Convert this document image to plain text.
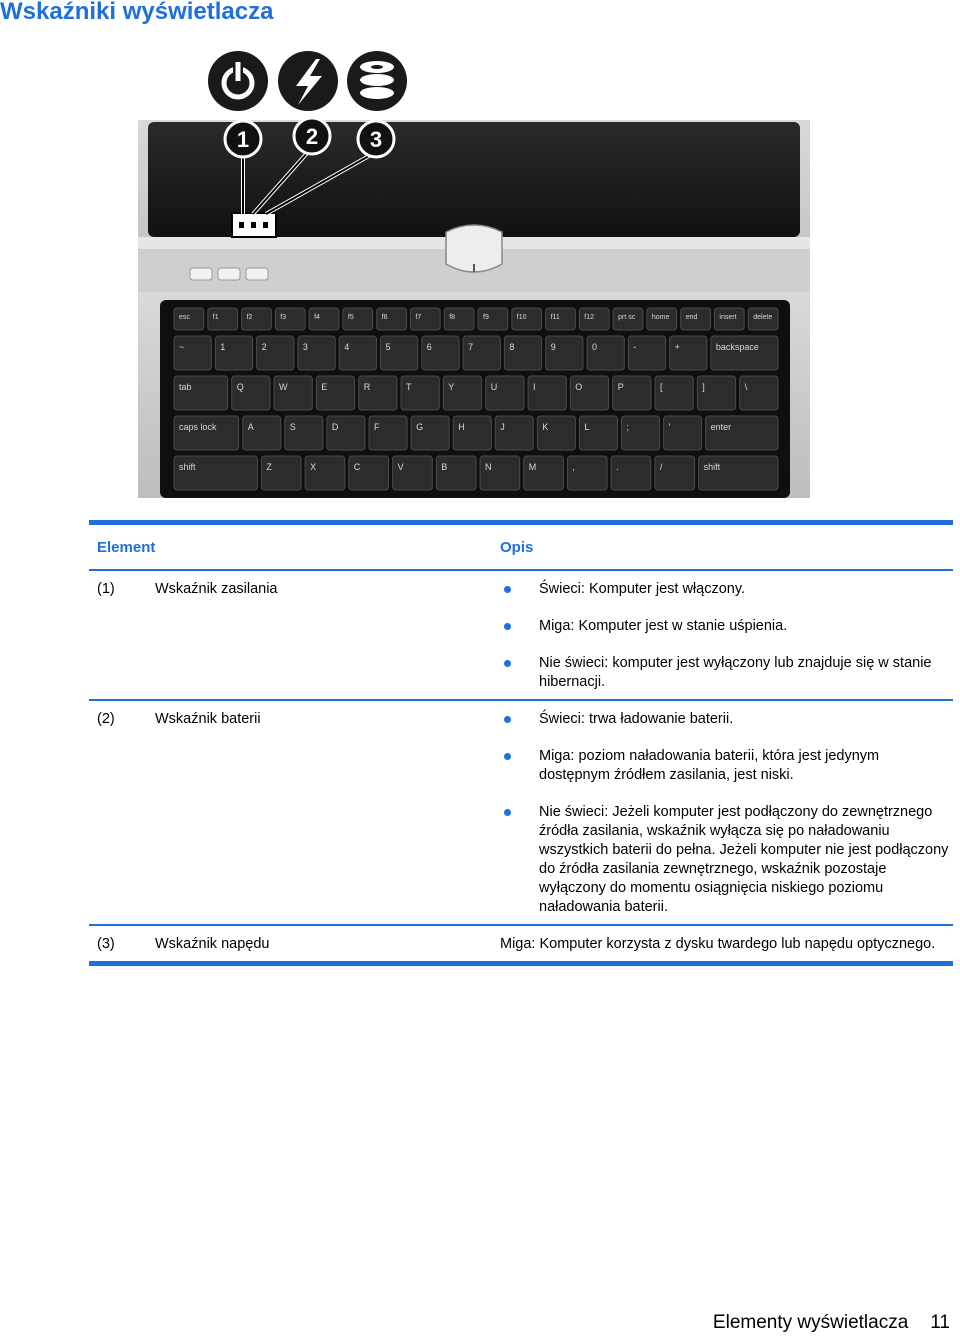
Wskaźniki wyświetlacza
1	2 3
esc	f1	f2	f3	f4	f5	f6	f7	f8	f9	f10	f11	f12	prt sc home end	insert delete
~	1	2	3	4	5	6	7	8	9	0	-	+	backspace
tab	Q	W	E	R	T	Y	U	I	O	P	[	]	\
caps lock	A	S	D	F	G	H	J	K	L	;	'	enter
shift	Z	X	C	V	B	N	M	,	.	/	shift
Element	Opis
(1)	Wskaźnik zasilania	Świeci: Komputer jest włączony.
Miga: Komputer jest w stanie uśpienia.
Nie świeci: komputer jest wyłączony lub znajduje się w stanie hibernacji.
(2)	Wskaźnik baterii	Świeci: trwa ładowanie baterii.
Miga: poziom naładowania baterii, która jest jedynym dostępnym źródłem zasilania, jest niski.
Nie świeci: Jeżeli komputer jest podłączony do zewnętrznego źródła zasilania, wskaźnik wyłącza się po naładowaniu wszystkich baterii do pełna. Jeżeli komputer nie jest podłączony do źródła zasilania zewnętrznego, wskaźnik pozostaje wyłączony do momentu osiągnięcia niskiego poziomu naładowania baterii.
(3)	Wskaźnik napędu	Miga: Komputer korzysta z dysku twardego lub napędu optycznego.
Elementy wyświetlacza 11
